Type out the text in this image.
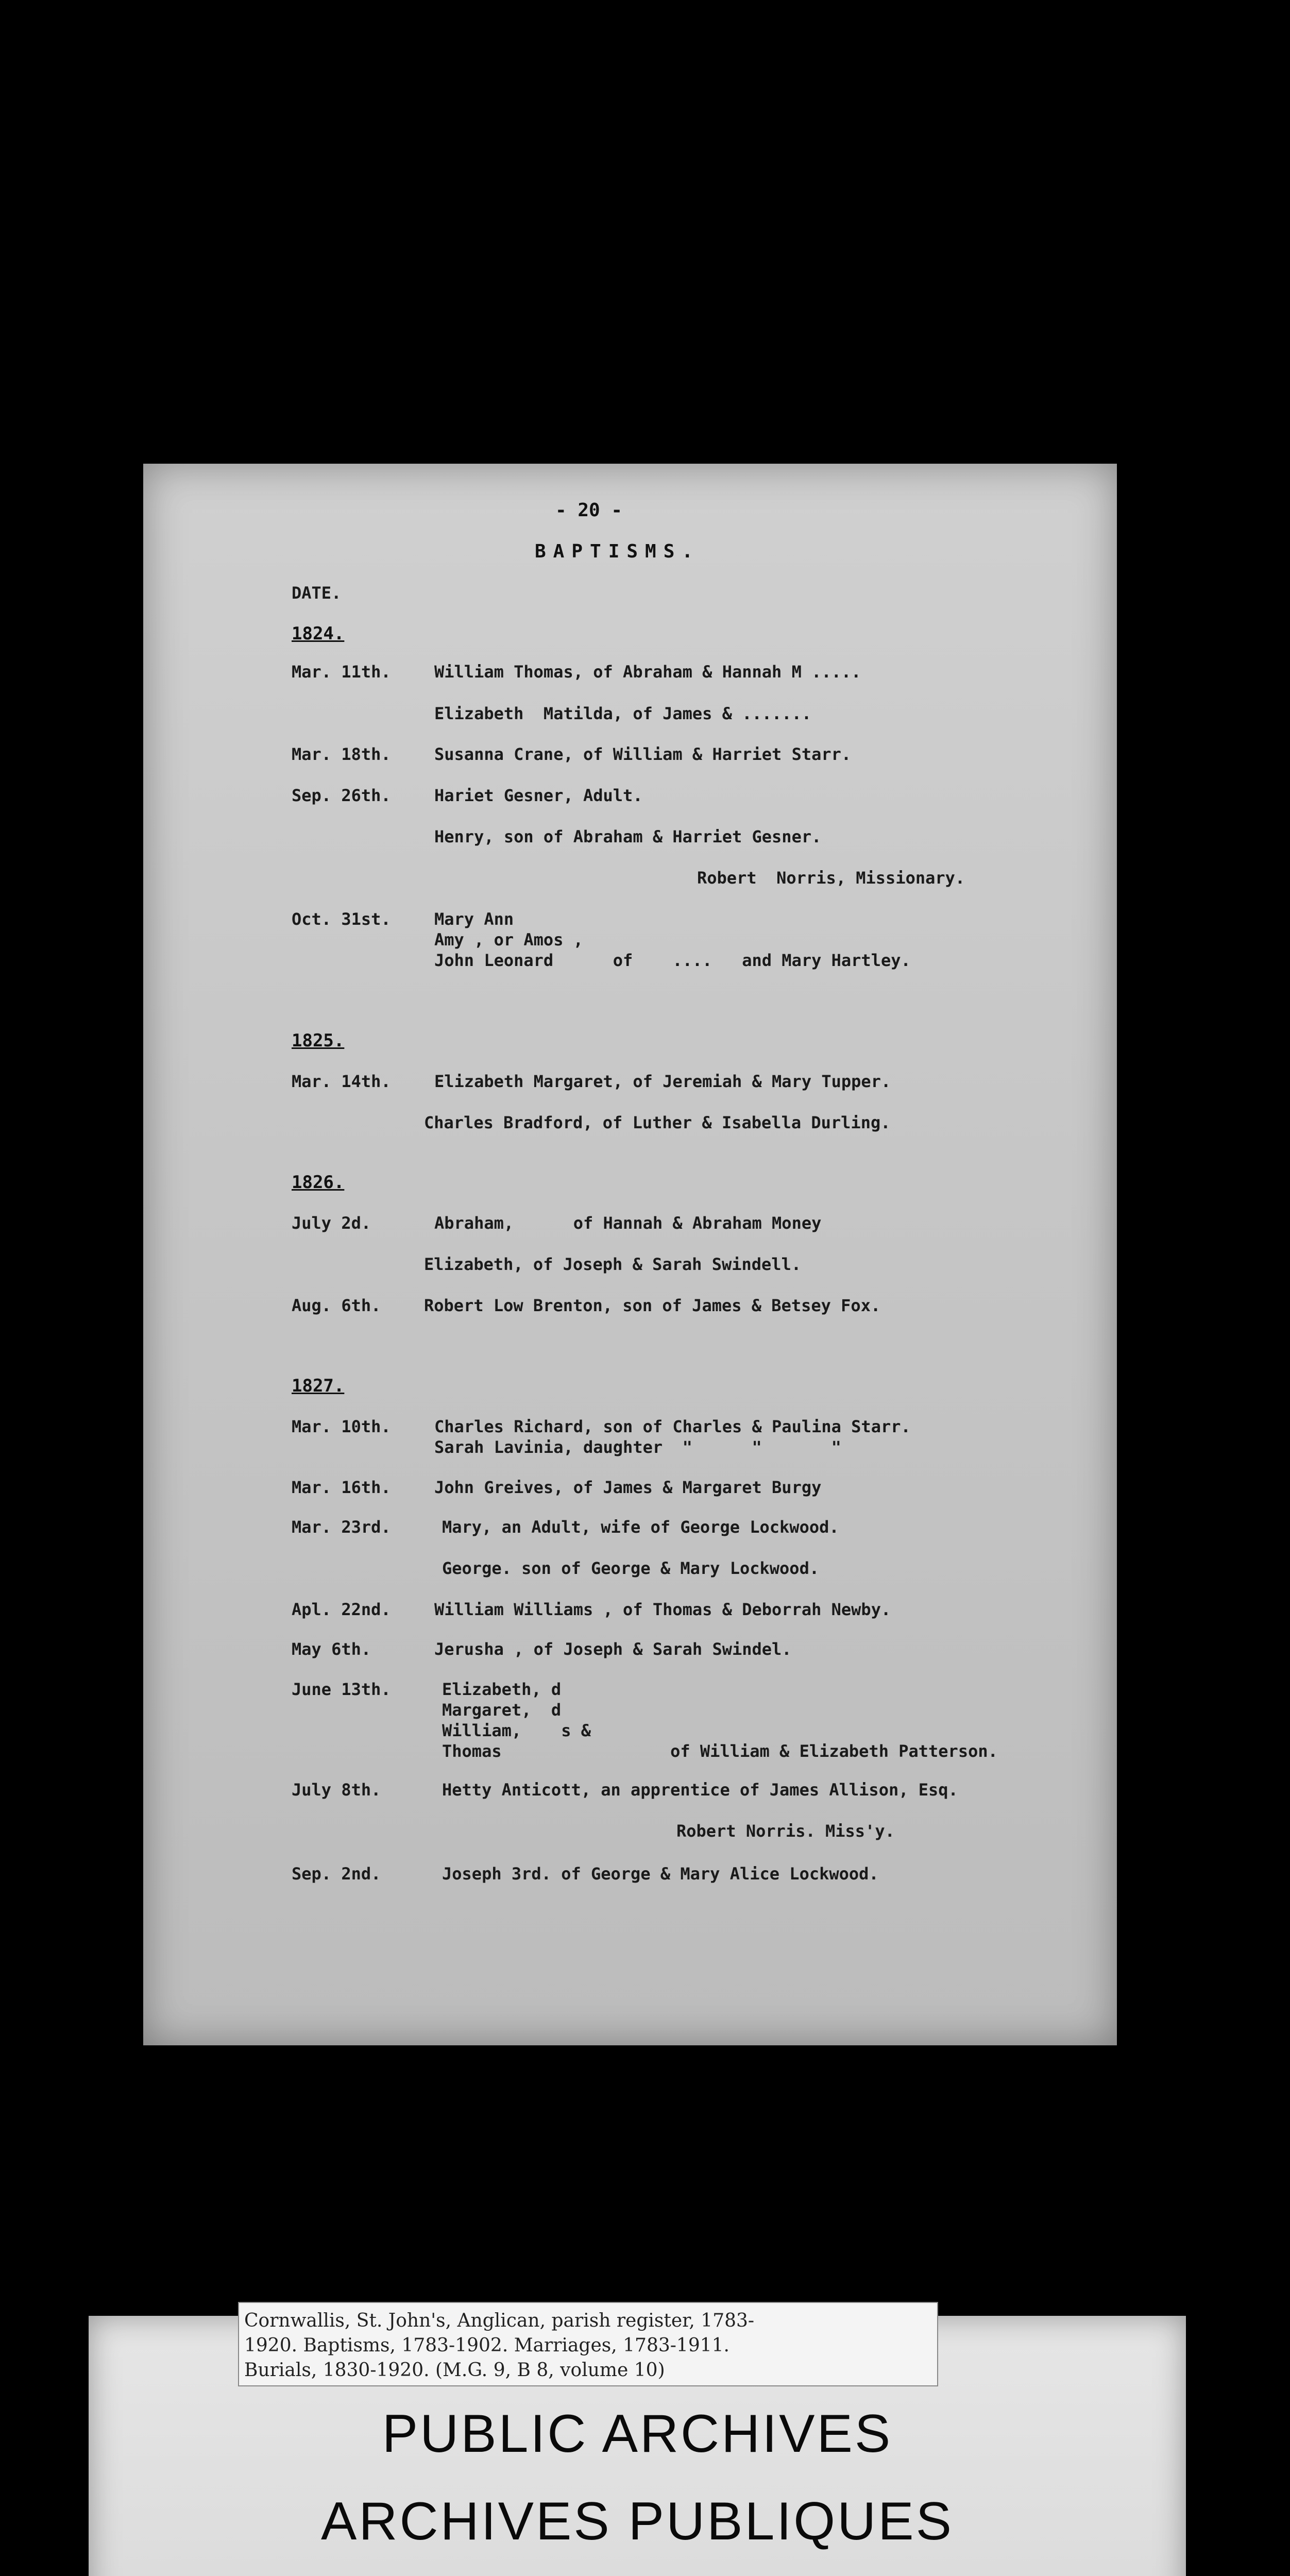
- 20 -
BAPTISMS.
DATE.
1824.
Mar. 11th.	William Thomas, of Abraham & Hannah M .....
Elizabeth  Matilda, of James & .......
Mar. 18th.	Susanna Crane, of William & Harriet Starr.
Sep. 26th.	Hariet Gesner, Adult.
Henry, son of Abraham & Harriet Gesner.
Robert  Norris, Missionary.
Oct. 31st.	Mary Ann
Amy , or Amos ,
John Leonard      of    ....   and Mary Hartley.
1825.
Mar. 14th.	Elizabeth Margaret, of Jeremiah & Mary Tupper.
Charles Bradford, of Luther & Isabella Durling.
1826.
July 2d.	Abraham,      of Hannah & Abraham Money
Elizabeth, of Joseph & Sarah Swindell.
Aug. 6th.	Robert Low Brenton, son of James & Betsey Fox.
1827.
Mar. 10th.	Charles Richard, son of Charles & Paulina Starr.
Sarah Lavinia, daughter  "      "       "
Mar. 16th.	John Greives, of James & Margaret Burgy
Mar. 23rd.	Mary, an Adult, wife of George Lockwood.
George. son of George & Mary Lockwood.
Apl. 22nd.	William Williams , of Thomas & Deborrah Newby.
May 6th.	Jerusha , of Joseph & Sarah Swindel.
June 13th.	Elizabeth, d
Margaret,  d
William,    s &
Thomas                 of William & Elizabeth Patterson.
July 8th.	Hetty Anticott, an apprentice of James Allison, Esq.
Robert Norris. Miss'y.
Sep. 2nd.	Joseph 3rd. of George & Mary Alice Lockwood.
PUBLIC ARCHIVES
ARCHIVES PUBLIQUES
Cornwallis, St. John's, Anglican, parish register, 1783-
1920. Baptisms, 1783-1902. Marriages, 1783-1911.
Burials, 1830-1920. (M.G. 9, B 8, volume 10)
